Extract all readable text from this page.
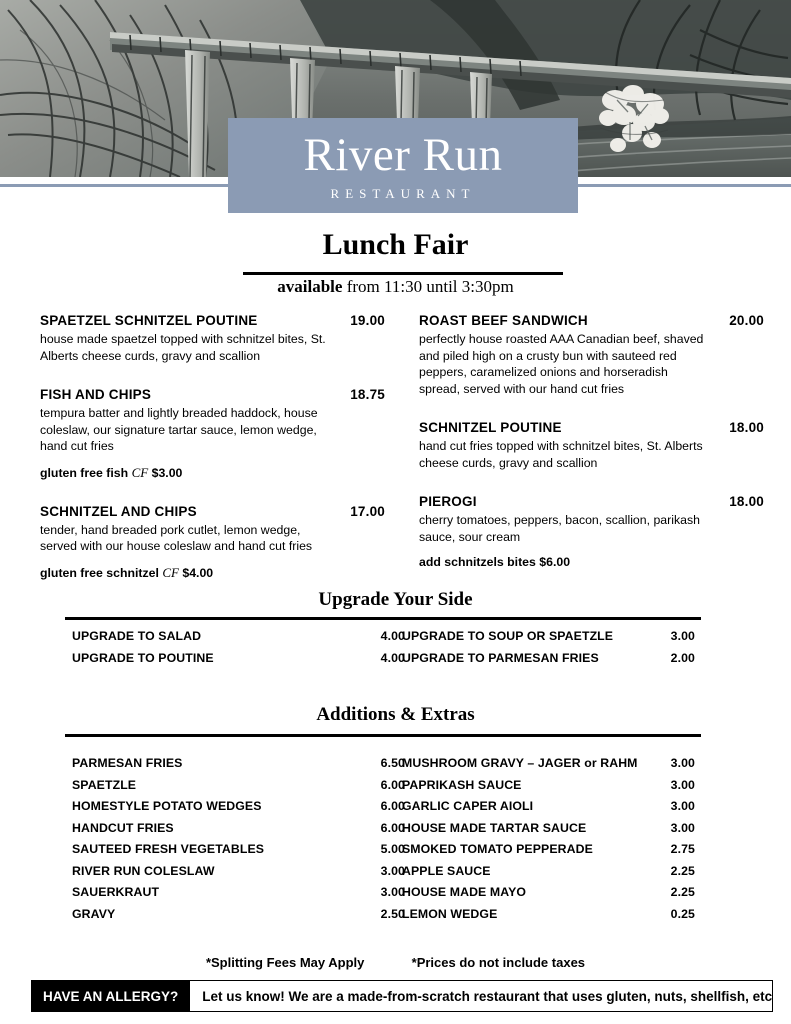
River Run
RESTAURANT
Lunch Fair
available from 11:30 until 3:30pm
SPAETZEL SCHNITZEL POUTINE	19.00
house made spaetzel topped with schnitzel bites, St. Alberts cheese curds, gravy and scallion
FISH AND CHIPS	18.75
tempura batter and lightly breaded haddock, house coleslaw, our signature tartar sauce, lemon wedge, hand cut fries
gluten free fish CF $3.00
SCHNITZEL AND CHIPS	17.00
tender, hand breaded pork cutlet, lemon wedge, served with our house coleslaw and hand cut fries
gluten free schnitzel CF $4.00
ROAST BEEF SANDWICH	20.00
perfectly house roasted AAA Canadian beef, shaved and piled high on a crusty bun with sauteed red peppers, caramelized onions and horseradish spread, served with our hand cut fries
SCHNITZEL POUTINE	18.00
hand cut fries topped with schnitzel bites, St. Alberts cheese curds, gravy and scallion
PIEROGI	18.00
cherry tomatoes, peppers, bacon, scallion, parikash sauce, sour cream
add schnitzels bites $6.00
Upgrade Your Side
UPGRADE TO SALAD	4.00
UPGRADE TO SOUP OR SPAETZLE	3.00
UPGRADE TO POUTINE	4.00
UPGRADE TO PARMESAN FRIES	2.00
Additions & Extras
PARMESAN FRIES	6.50
MUSHROOM GRAVY – JAGER or RAHM	3.00
SPAETZLE	6.00
PAPRIKASH SAUCE	3.00
HOMESTYLE POTATO WEDGES	6.00
GARLIC CAPER AIOLI	3.00
HANDCUT FRIES	6.00
HOUSE MADE TARTAR SAUCE	3.00
SAUTEED FRESH VEGETABLES	5.00
SMOKED TOMATO PEPPERADE	2.75
RIVER RUN COLESLAW	3.00
APPLE SAUCE	2.25
SAUERKRAUT	3.00
HOUSE MADE MAYO	2.25
GRAVY	2.50
LEMON WEDGE	0.25
*Splitting Fees May Apply	*Prices do not include taxes
HAVE AN ALLERGY?	Let us know! We are a made-from-scratch restaurant that uses gluten, nuts, shellfish, etc
